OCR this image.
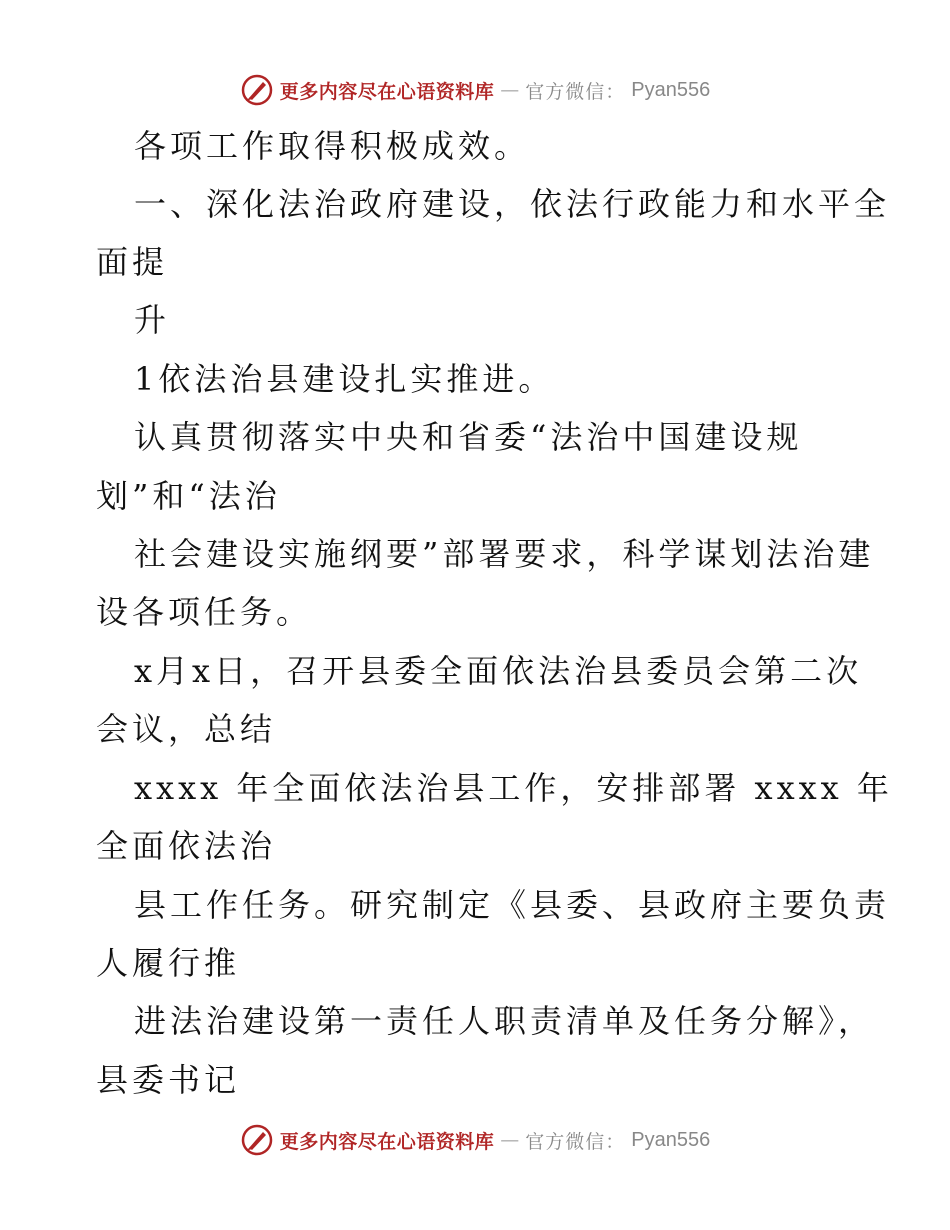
更多内容尽在心语资料库 — 官方微信： Pyan556
各项工作取得积极成效。
一、深化法治政府建设，依法行政能力和水平全
面提
升
1依法治县建设扎实推进。
认真贯彻落实中央和省委“法治中国建设规
划”和“法治
社会建设实施纲要”部署要求，科学谋划法治建
设各项任务。
x月x日，召开县委全面依法治县委员会第二次
会议，总结
xxxx 年全面依法治县工作，安排部署 xxxx 年
全面依法治
县工作任务。研究制定《县委、县政府主要负责
人履行推
进法治建设第一责任人职责清单及任务分解》，
县委书记
更多内容尽在心语资料库 — 官方微信： Pyan556
